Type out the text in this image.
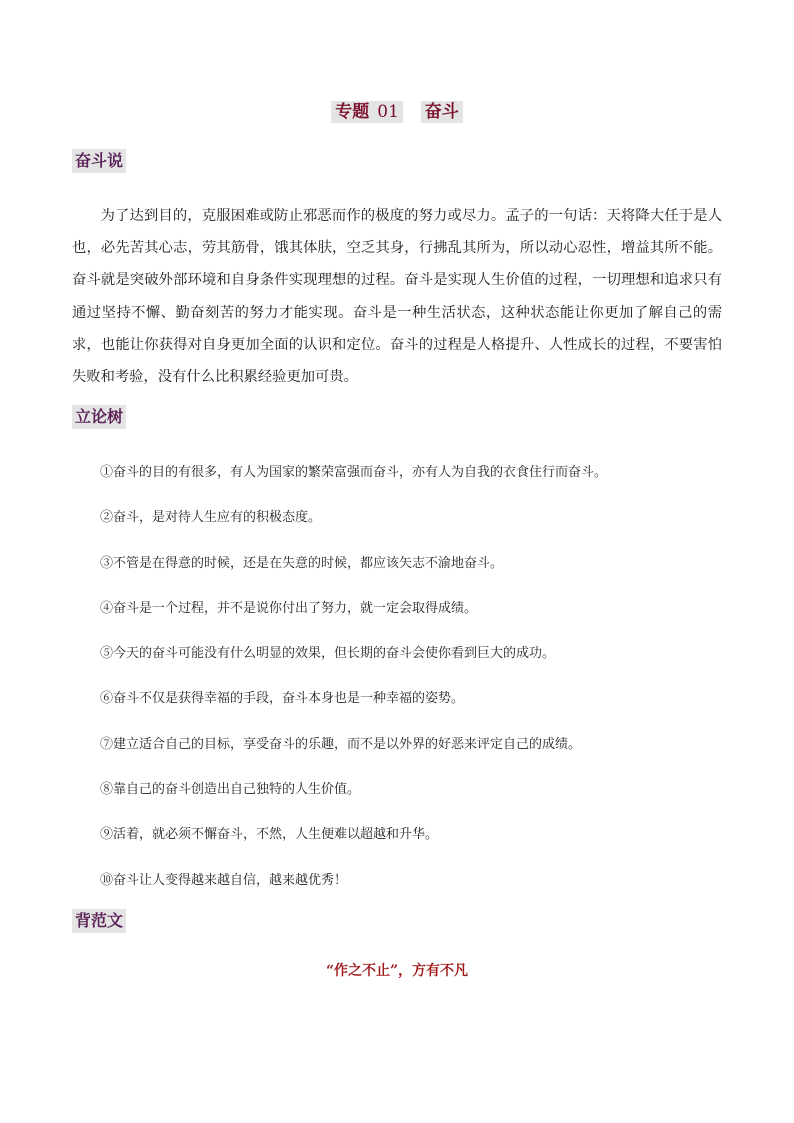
专题 01 奋斗
奋斗说

为了达到目的，克服困难或防止邪恶而作的极度的努力或尽力。孟子的一句话：天将降大任于是人也，必先苦其心志，劳其筋骨，饿其体肤，空乏其身，行拂乱其所为，所以动心忍性，增益其所不能。奋斗就是突破外部环境和自身条件实现理想的过程。奋斗是实现人生价值的过程，一切理想和追求只有通过坚持不懈、勤奋刻苦的努力才能实现。奋斗是一种生活状态，这种状态能让你更加了解自己的需求，也能让你获得对自身更加全面的认识和定位。奋斗的过程是人格提升、人性成长的过程，不要害怕失败和考验，没有什么比积累经验更加可贵。

立论树
①奋斗的目的有很多，有人为国家的繁荣富强而奋斗，亦有人为自我的衣食住行而奋斗。
②奋斗，是对待人生应有的积极态度。
③不管是在得意的时候，还是在失意的时候，都应该矢志不渝地奋斗。
④奋斗是一个过程，并不是说你付出了努力，就一定会取得成绩。
⑤今天的奋斗可能没有什么明显的效果，但长期的奋斗会使你看到巨大的成功。
⑥奋斗不仅是获得幸福的手段，奋斗本身也是一种幸福的姿势。
⑦建立适合自己的目标，享受奋斗的乐趣，而不是以外界的好恶来评定自己的成绩。
⑧靠自己的奋斗创造出自己独特的人生价值。
⑨活着，就必须不懈奋斗，不然，人生便难以超越和升华。
⑩奋斗让人变得越来越自信，越来越优秀！
背范文
“作之不止”，方有不凡
